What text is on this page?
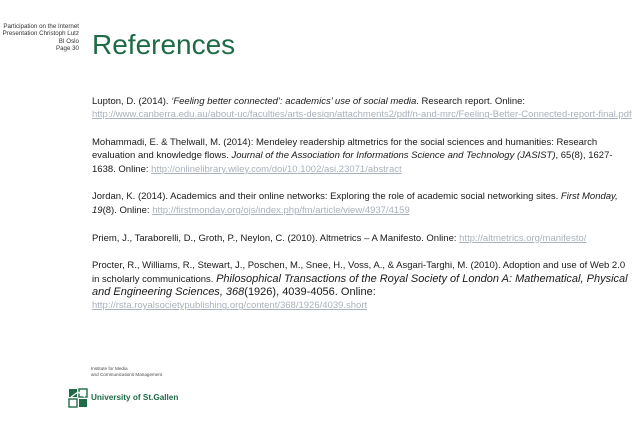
Participation on the Internet
Presentation Christoph Lutz
BI Oslo
Page 30 References

Lupton, D. (2014). ‘Feeling better connected’: academics’ use of social media. Research report. Online: http://www.canberra.edu.au/about-uc/faculties/arts-design/attachments2/pdf/n-and-mrc/Feeling-Better-Connected-report-final.pdf

Mohammadi, E. & Thelwall, M. (2014): Mendeley readership altmetrics for the social sciences and humanities: Research evaluation and knowledge flows. Journal of the Association for Informations Science and Technology (JASIST), 65(8), 1627-1638. Online: http://onlinelibrary.wiley.com/doi/10.1002/asi.23071/abstract

Jordan, K. (2014). Academics and their online networks: Exploring the role of academic social networking sites. First Monday, 19(8). Online: http://firstmonday.org/ojs/index.php/fm/article/view/4937/4159

Priem, J., Taraborelli, D., Groth, P., Neylon, C. (2010). Altmetrics – A Manifesto. Online: http://altmetrics.org/manifesto/

Procter, R., Williams, R., Stewart, J., Poschen, M., Snee, H., Voss, A., & Asgari-Targhi, M. (2010). Adoption and use of Web 2.0 in scholarly communications. Philosophical Transactions of the Royal Society of London A: Mathematical, Physical and Engineering Sciences, 368(1926), 4039-4056. Online: http://rsta.royalsocietypublishing.org/content/368/1926/4039.short

Institute for Media
and Communications Management
University of St.Gallen
